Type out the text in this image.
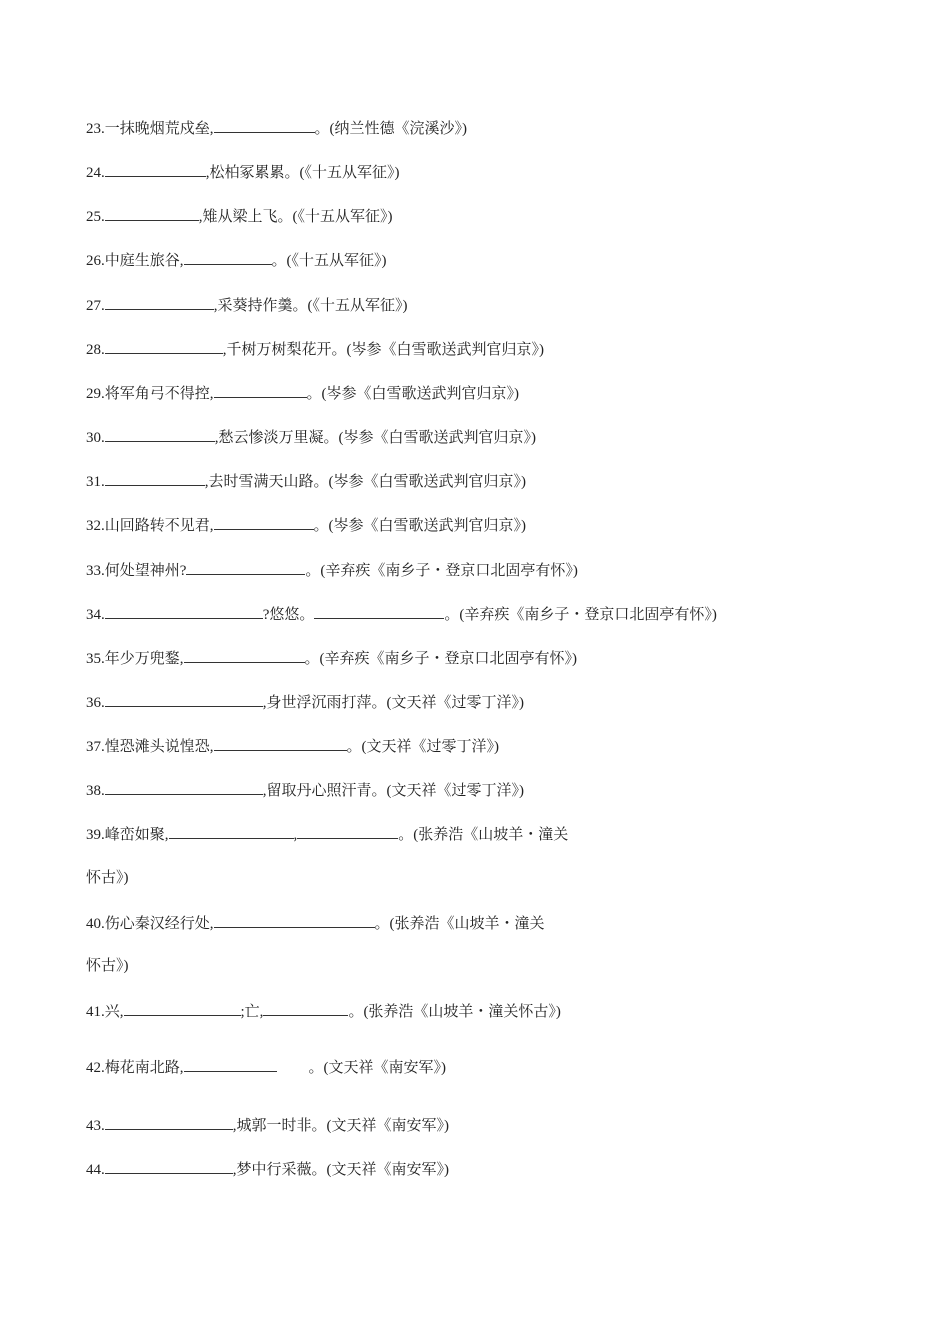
23.一抹晚烟荒戍垒,	。(纳兰性德《浣溪沙》)
24.	,松柏冢累累。(《十五从军征》)
25.	,雉从梁上飞。(《十五从军征》)
26.中庭生旅谷,	。(《十五从军征》)
27.	,采葵持作羹。(《十五从军征》)
28.	,千树万树梨花开。(岑参《白雪歌送武判官归京》)
29.将军角弓不得控,	。(岑参《白雪歌送武判官归京》)
30.	,愁云惨淡万里凝。(岑参《白雪歌送武判官归京》)
31.	,去时雪满天山路。(岑参《白雪歌送武判官归京》)
32.山回路转不见君,	。(岑参《白雪歌送武判官归京》)
33.何处望神州?	。(辛弃疾《南乡子・登京口北固亭有怀》)
34.	?悠悠。	。(辛弃疾《南乡子・登京口北固亭有怀》)
35.年少万兜鍪,	。(辛弃疾《南乡子・登京口北固亭有怀》)
36.	,身世浮沉雨打萍。(文天祥《过零丁洋》)
37.惶恐滩头说惶恐,	。(文天祥《过零丁洋》)
38.	,留取丹心照汗青。(文天祥《过零丁洋》)
39.峰峦如聚,	,	。(张养浩《山坡羊・潼关
怀古》)
40.伤心秦汉经行处,	。(张养浩《山坡羊・潼关
怀古》)
41.兴,	;亡,	。(张养浩《山坡羊・潼关怀古》)
42.梅花南北路,	。(文天祥《南安军》)
43.	,城郭一时非。(文天祥《南安军》)
44.	,梦中行采薇。(文天祥《南安军》)
